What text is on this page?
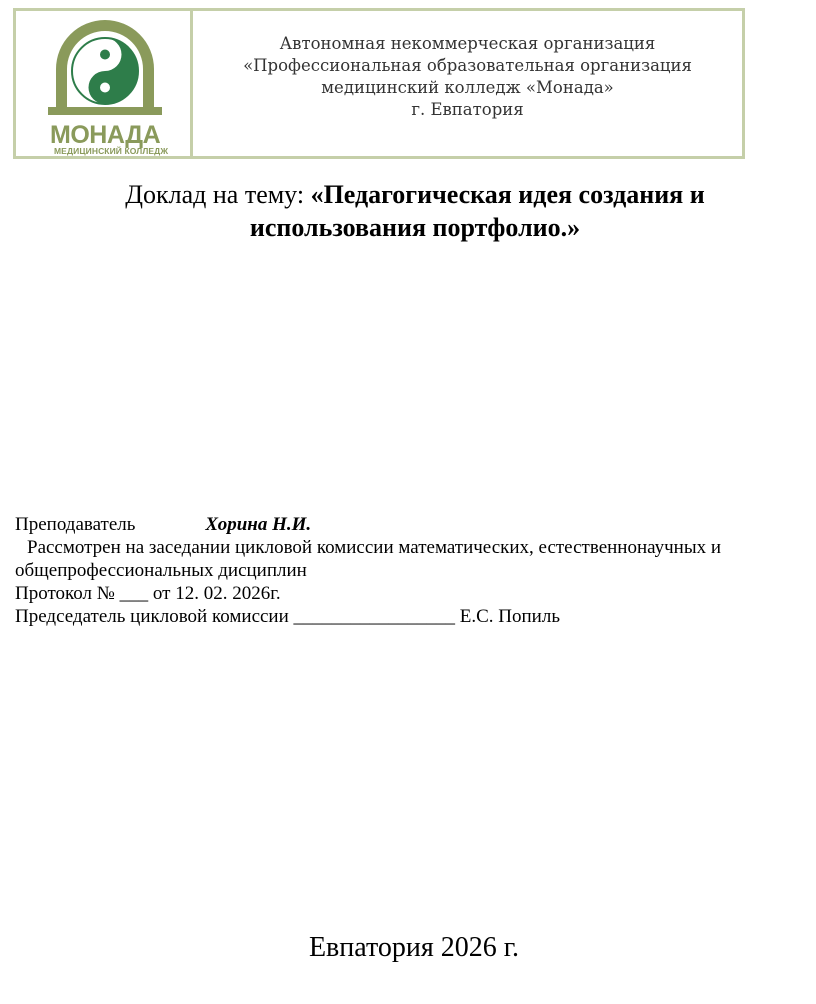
МОНАДА
МЕДИЦИНСКИЙ КОЛЛЕДЖ
Автономная некоммерческая организация
«Профессиональная образовательная организация
медицинский колледж «Монада»
г. Евпатория
Доклад на тему: «Педагогическая идея создания и
использования портфолио.»
Преподаватель	Хорина Н.И.
Рассмотрен на заседании цикловой комиссии математических, естественнонаучных и
общепрофессиональных дисциплин
Протокол № ___ от 12. 02. 2026г.
Председатель цикловой комиссии _________________ Е.С. Попиль
Евпатория 2026 г.
